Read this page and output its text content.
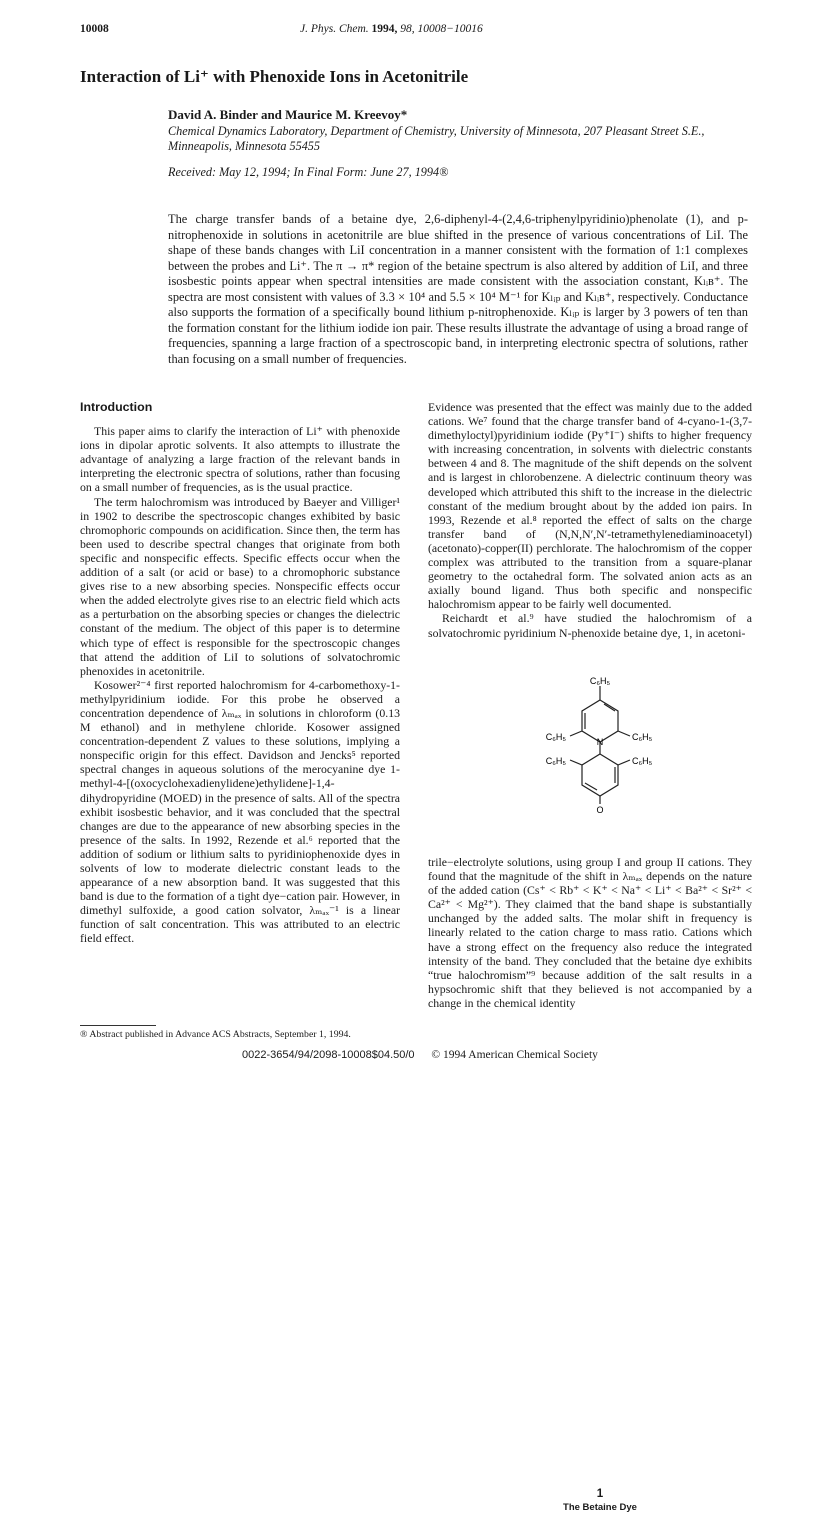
10008	J. Phys. Chem. 1994, 98, 10008−10016
Interaction of Li⁺ with Phenoxide Ions in Acetonitrile
David A. Binder and Maurice M. Kreevoy*
Chemical Dynamics Laboratory, Department of Chemistry, University of Minnesota, 207 Pleasant Street S.E.,
Minneapolis, Minnesota 55455
Received: May 12, 1994; In Final Form: June 27, 1994®
The charge transfer bands of a betaine dye, 2,6-diphenyl-4-(2,4,6-triphenylpyridinio)phenolate (1), and p-nitrophenoxide in solutions in acetonitrile are blue shifted in the presence of various concentrations of LiI. The shape of these bands changes with LiI concentration in a manner consistent with the formation of 1:1 complexes between the probes and Li⁺. The π → π* region of the betaine spectrum is also altered by addition of LiI, and three isosbestic points appear when spectral intensities are made consistent with the association constant, Kₗᵢʙ⁺. The spectra are most consistent with values of 3.3 × 10⁴ and 5.5 × 10⁴ M⁻¹ for Kₗᵢₚ and Kₗᵢʙ⁺, respectively. Conductance also supports the formation of a specifically bound lithium p-nitrophenoxide. Kₗᵢₚ is larger by 3 powers of ten than the formation constant for the lithium iodide ion pair. These results illustrate the advantage of using a broad range of frequencies, spanning a large fraction of a spectroscopic band, in interpreting electronic spectra of solutions, rather than focusing on a small number of frequencies.
Introduction

This paper aims to clarify the interaction of Li⁺ with phenoxide ions in dipolar aprotic solvents. It also attempts to illustrate the advantage of analyzing a large fraction of the relevant bands in interpreting the electronic spectra of solutions, rather than focusing on a small number of frequencies, as is the usual practice.

The term halochromism was introduced by Baeyer and Villiger¹ in 1902 to describe the spectroscopic changes exhibited by basic chromophoric compounds on acidification. Since then, the term has been used to describe spectral changes that originate from both specific and nonspecific effects. Specific effects occur when the addition of a salt (or acid or base) to a chromophoric substance gives rise to a new absorbing species. Nonspecific effects occur when the added electrolyte gives rise to an electric field which acts as a perturbation on the absorbing species or changes the dielectric constant of the medium. The object of this paper is to determine which type of effect is responsible for the spectroscopic changes that attend the addition of LiI to solutions of solvatochromic phenoxides in acetonitrile.

Kosower²⁻⁴ first reported halochromism for 4-carbomethoxy-1-methylpyridinium iodide. For this probe he observed a concentration dependence of λₘₐₓ in solutions in chloroform (0.13 M ethanol) and in methylene chloride. Kosower assigned concentration-dependent Z values to these solutions, implying a nonspecific origin for this effect. Davidson and Jencks⁵ reported spectral changes in aqueous solutions of the merocyanine dye 1-methyl-4-[(oxocyclohexadienylidene)ethylidene]-1,4-dihydropyridine (MOED) in the presence of salts. All of the spectra exhibit isosbestic behavior, and it was concluded that the spectral changes are due to the appearance of new absorbing species in the presence of the salts. In 1992, Rezende et al.⁶ reported that the addition of sodium or lithium salts to pyridiniophenoxide dyes in solvents of low to moderate dielectric constant leads to the appearance of a new absorption band. It was suggested that this band is due to the formation of a tight dye−cation pair. However, in dimethyl sulfoxide, a good cation solvator, λₘₐₓ⁻¹ is a linear function of salt concentration. This was attributed to an electric field effect.

Evidence was presented that the effect was mainly due to the added cations. We⁷ found that the charge transfer band of 4-cyano-1-(3,7-dimethyloctyl)pyridinium iodide (Py⁺I⁻) shifts to higher frequency with increasing concentration, in solvents with dielectric constants between 4 and 8. The magnitude of the shift depends on the solvent and is largest in chlorobenzene. A dielectric continuum theory was developed which attributed this shift to the increase in the dielectric constant of the medium brought about by the added ion pairs. In 1993, Rezende et al.⁸ reported the effect of salts on the charge transfer band of (N,N,N′,N′-tetramethylenediaminoacetyl)(acetonato)-copper(II) perchlorate. The halochromism of the copper complex was attributed to the transition from a square-planar geometry to the octahedral form. The solvated anion acts as an axially bound ligand. Thus both specific and nonspecific halochromism appear to be fairly well documented.

Reichardt et al.⁹ have studied the halochromism of a solvatochromic pyridinium N-phenoxide betaine dye, 1, in acetoni-

C₆H₅
C₆H₅	C₆H₅
N
C₆H₅	C₆H₅
O
1
The Betaine Dye

trile−electrolyte solutions, using group I and group II cations. They found that the magnitude of the shift in λₘₐₓ depends on the nature of the added cation (Cs⁺ < Rb⁺ < K⁺ < Na⁺ < Li⁺ < Ba²⁺ < Sr²⁺ < Ca²⁺ < Mg²⁺). They claimed that the band shape is substantially unchanged by the added salts. The molar shift in frequency is linearly related to the cation charge to mass ratio. Cations which have a strong effect on the frequency also reduce the integrated intensity of the band. They concluded that the betaine dye exhibits “true halochromism”⁹ because addition of the salt results in a hypsochromic shift that they believed is not accompanied by a change in the chemical identity

® Abstract published in Advance ACS Abstracts, September 1, 1994.
0022-3654/94/2098-10008$04.50/0 © 1994 American Chemical Society
